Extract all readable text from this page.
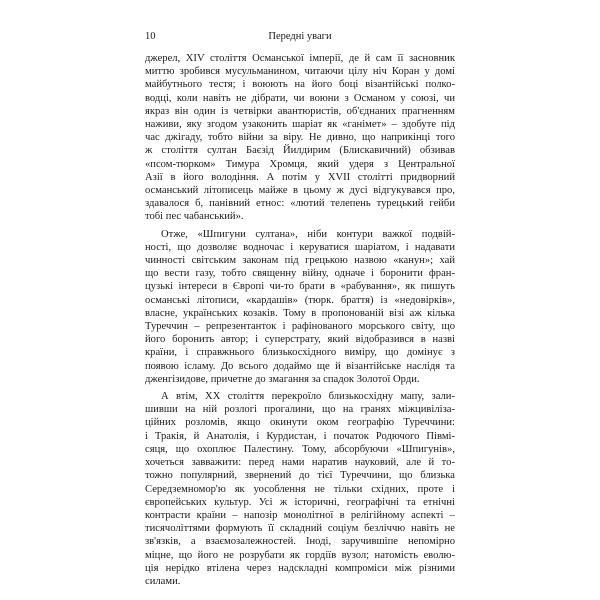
10	Передні уваги

джерел, XIV століття Османської імперії, де й сам її засновник
миттю зробився мусульманином, читаючи цілу ніч Коран у домі
майбутнього тестя; і воюють на його боці візантійські полко-
водці, коли навіть не дібрати, чи воюни з Османом у союзі, чи
якраз він один із четвірки авантюристів, об'єднаних прагненням
наживи, яку згодом узаконить шаріат як «ганімет» – здобуте під
час джігаду, тобто війни за віру. Не дивно, що наприкінці того
ж століття султан Баєзід Йилдирим (Блискавичний) обзивав
«псом-тюрком» Тимура Хромця, який удеря з Центральної
Азії в його володіння. А потім у XVII столітті придворний
османський літописець майже в цьому ж дусі відгукувався про,
здавалося б, панівний етнос: «лютий телепень турецький гейби
тобі пес чабанський».

Отже, «Шпигуни султана», ніби контури важкої подвій-
ності, що дозволяє водночас і керуватися шаріатом, і надавати
чинності світським законам під грецькою назвою «канун»; хай
що вести газу, тобто священну війну, одначе і боронити фран-
цузькі інтереси в Європі чи-то брати в «рабування», як пишуть
османські літописи, «кардашів» (тюрк. браття) із «недовірків»,
власне, українських козаків. Тому в пропонованій візі аж кілька
Туреччин – репрезентанток і рафінованого морського світу, що
його боронить автор; і суперстрату, який відобразився в назві
країни, і справжнього близькосхідного виміру, що домінує з
появою ісламу. До всього додаймо ще й візантійське наслідя та
дженгізидове, причетне до змагання за спадок Золотої Орди.

А втім, XX століття перекроїло близькосхідну мапу, зали-
шивши на ній розлогі прогалини, що на гранях міжцивіліза-
ційних розломів, якщо окинути оком географію Туреччини:
і Тракія, й Анатолія, і Курдистан, і початок Родючого Півмі-
сяця, що охоплює Палестину. Тому, абсорбуючи «Шпигунів»,
хочеться завважити: перед нами наратив науковий, але й то-
тожно популярний, звернений до тієї Туреччини, що близька
Середземномор'ю як уособлення не тільки східних, проте і
європейських культур. Усі ж історичні, географічні та етнічні
контрасти країни – напозір монолітної в релігійному аспекті –
тисячоліттями формують її складний соціум безліччю навіть не
зв'язків, а взаємозалежностей. Іноді, заручившіпе непомірно
міцне, що його не розрубати як гордіїв вузол; натомість еволю-
ція нерідко втілена через надскладні компроміси між різними
силами.
